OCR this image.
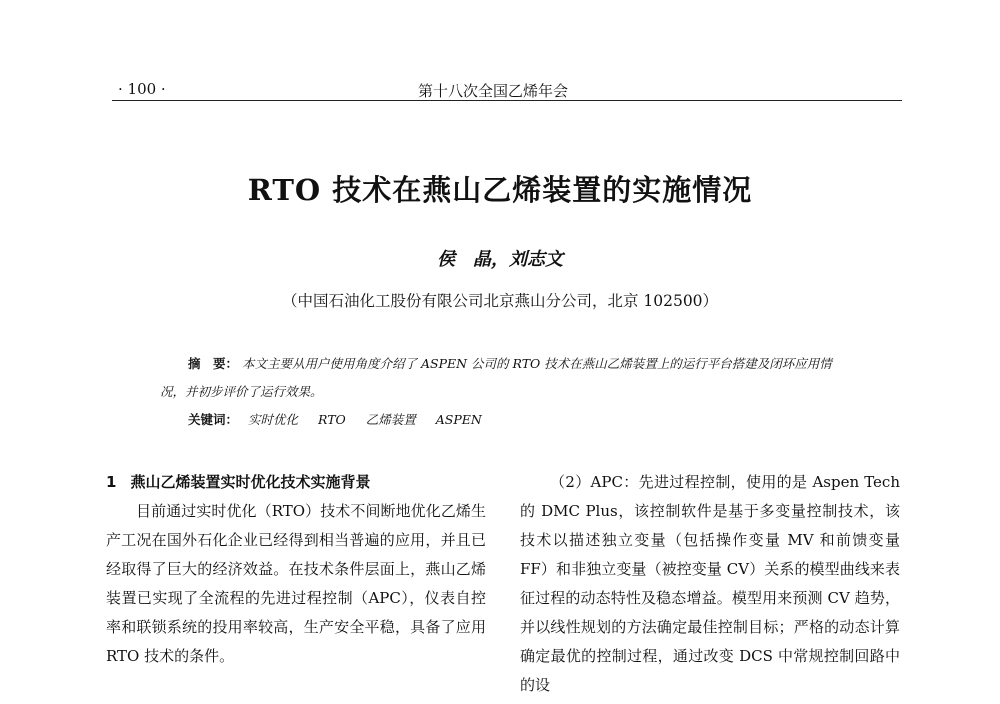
· 100 ·	第十八次全国乙烯年会
RTO 技术在燕山乙烯装置的实施情况
侯　晶，刘志文
（中国石油化工股份有限公司北京燕山分公司，北京 102500）
摘　要： 本文主要从用户使用角度介绍了 ASPEN 公司的 RTO 技术在燕山乙烯装置上的运行平台搭建及闭环应用情况，并初步评价了运行效果。
关键词： 实时优化 RTO 乙烯装置 ASPEN
1 燕山乙烯装置实时优化技术实施背景

目前通过实时优化（RTO）技术不间断地优化乙烯生产工况在国外石化企业已经得到相当普遍的应用，并且已经取得了巨大的经济效益。在技术条件层面上，燕山乙烯装置已实现了全流程的先进过程控制（APC），仪表自控率和联锁系统的投用率较高，生产安全平稳，具备了应用 RTO 技术的条件。

（2）APC：先进过程控制，使用的是 Aspen Tech 的 DMC Plus，该控制软件是基于多变量控制技术，该技术以描述独立变量（包括操作变量 MV 和前馈变量 FF）和非独立变量（被控变量 CV）关系的模型曲线来表征过程的动态特性及稳态增益。模型用来预测 CV 趋势，并以线性规划的方法确定最佳控制目标；严格的动态计算确定最优的控制过程，通过改变 DCS 中常规控制回路中的设
